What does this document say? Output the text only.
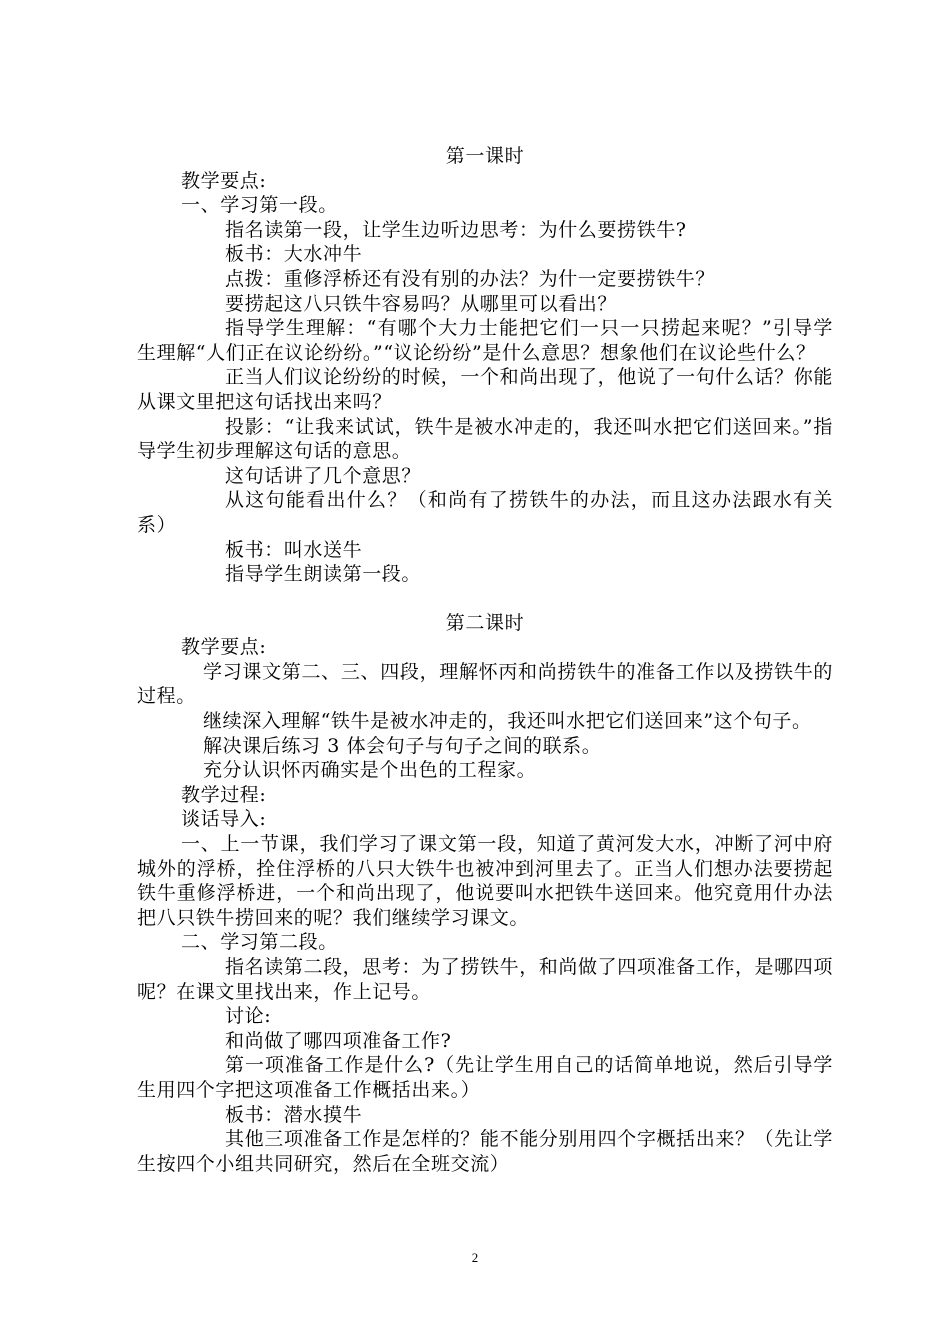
第一课时
教学要点:
一、学习第一段。
指名读第一段，让学生边听边思考：为什么要捞铁牛?
板书：大水冲牛
点拨：重修浮桥还有没有别的办法？为什一定要捞铁牛？
要捞起这八只铁牛容易吗？从哪里可以看出？

指导学生理解：“有哪个大力士能把它们一只一只捞起来呢？”引导学生理解“人们正在议论纷纷。”“议论纷纷”是什么意思？想象他们在议论些什么？

正当人们议论纷纷的时候，一个和尚出现了，他说了一句什么话？你能从课文里把这句话找出来吗？

投影：“让我来试试，铁牛是被水冲走的，我还叫水把它们送回来。”指导学生初步理解这句话的意思。

这句话讲了几个意思？

从这句能看出什么？（和尚有了捞铁牛的办法，而且这办法跟水有关系）

板书：叫水送牛
指导学生朗读第一段。
第二课时
教学要点:

学习课文第二、三、四段，理解怀丙和尚捞铁牛的准备工作以及捞铁牛的过程。

继续深入理解“铁牛是被水冲走的，我还叫水把它们送回来”这个句子。

解决课后练习 3 体会句子与句子之间的联系。
充分认识怀丙确实是个出色的工程家。
教学过程:
谈话导入:

一、上一节课，我们学习了课文第一段，知道了黄河发大水，冲断了河中府城外的浮桥，拴住浮桥的八只大铁牛也被冲到河里去了。正当人们想办法要捞起铁牛重修浮桥进，一个和尚出现了，他说要叫水把铁牛送回来。他究竟用什办法把八只铁牛捞回来的呢？我们继续学习课文。

二、学习第二段。

指名读第二段，思考：为了捞铁牛，和尚做了四项准备工作，是哪四项呢？在课文里找出来，作上记号。

讨论:
和尚做了哪四项准备工作?

第一项准备工作是什么?（先让学生用自己的话简单地说，然后引导学生用四个字把这项准备工作概括出来。）

板书：潜水摸牛

其他三项准备工作是怎样的？能不能分别用四个字概括出来？（先让学生按四个小组共同研究，然后在全班交流）

2
